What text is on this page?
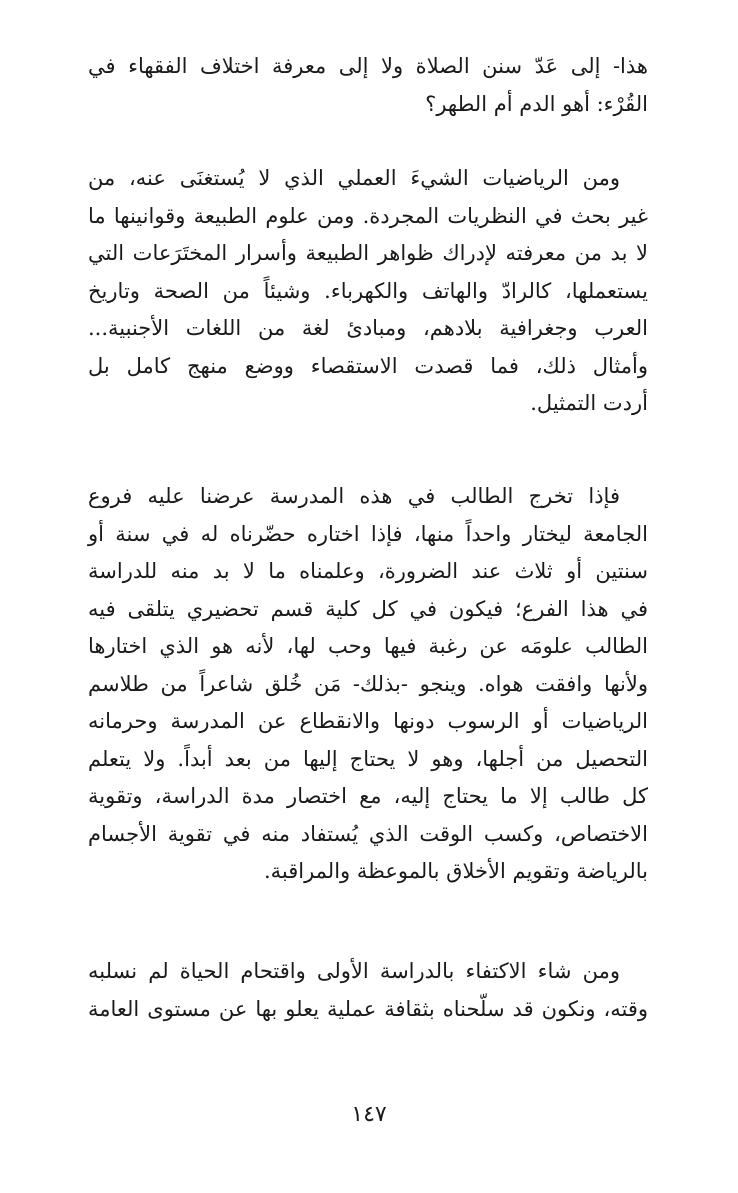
هذا- إلى عَدّ سنن الصلاة ولا إلى معرفة اختلاف الفقهاء في
القُرْء: أهو الدم أم الطهر؟
ومن الرياضيات الشيءَ العملي الذي لا يُستغنَى عنه، من
غير بحث في النظريات المجردة. ومن علوم الطبيعة وقوانينها ما
لا بد من معرفته لإدراك ظواهر الطبيعة وأسرار المختَرَعات التي
يستعملها، كالرادّ والهاتف والكهرباء. وشيئاً من الصحة وتاريخ
العرب وجغرافية بلادهم، ومبادئ لغة من اللغات الأجنبية...
وأمثال ذلك، فما قصدت الاستقصاء ووضع منهج كامل بل
أردت التمثيل.
فإذا تخرج الطالب في هذه المدرسة عرضنا عليه فروع
الجامعة ليختار واحداً منها، فإذا اختاره حضّرناه له في سنة أو
سنتين أو ثلاث عند الضرورة، وعلمناه ما لا بد منه للدراسة
في هذا الفرع؛ فيكون في كل كلية قسم تحضيري يتلقى فيه
الطالب علومَه عن رغبة فيها وحب لها، لأنه هو الذي اختارها
ولأنها وافقت هواه. وينجو -بذلك- مَن خُلق شاعراً من طلاسم
الرياضيات أو الرسوب دونها والانقطاع عن المدرسة وحرمانه
التحصيل من أجلها، وهو لا يحتاج إليها من بعد أبداً. ولا يتعلم
كل طالب إلا ما يحتاج إليه، مع اختصار مدة الدراسة، وتقوية
الاختصاص، وكسب الوقت الذي يُستفاد منه في تقوية الأجسام
بالرياضة وتقويم الأخلاق بالموعظة والمراقبة.
ومن شاء الاكتفاء بالدراسة الأولى واقتحام الحياة لم نسلبه
وقته، ونكون قد سلّحناه بثقافة عملية يعلو بها عن مستوى العامة
١٤٧
